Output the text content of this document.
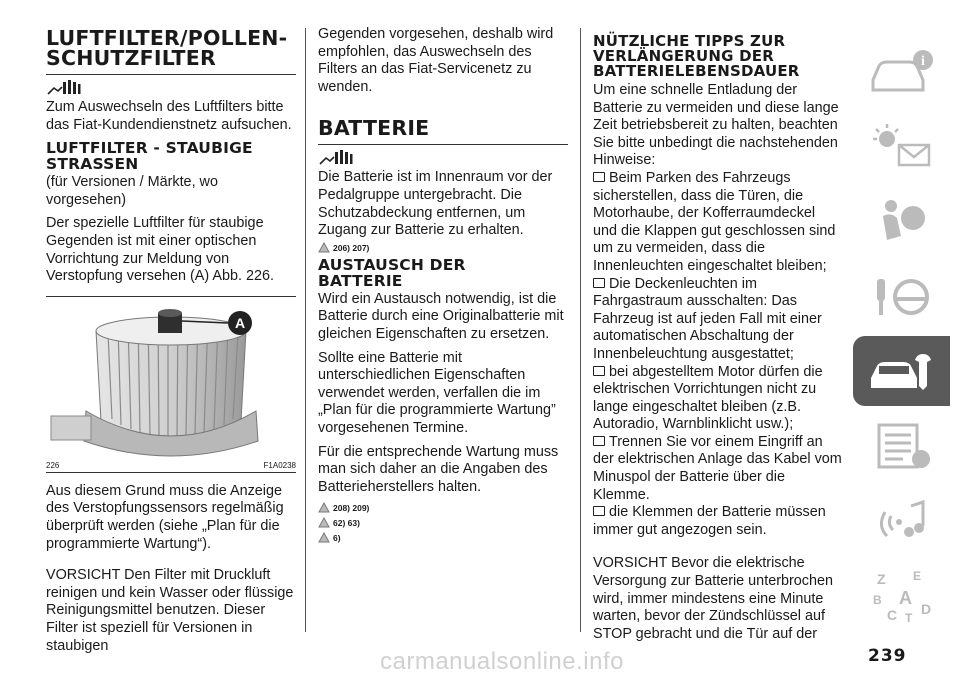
LUFTFILTER/POLLEN-
SCHUTZFILTER

Zum Auswechseln des Luftfilters bitte das Fiat-Kundendienstnetz aufsuchen.

LUFTFILTER - STAUBIGE
STRASSEN

(für Versionen / Märkte, wo vorgesehen)

Der spezielle Luftfilter für staubige Gegenden ist mit einer optischen Vorrichtung zur Meldung von Verstopfung versehen (A) Abb. 226.

A
226	F1A0238

Aus diesem Grund muss die Anzeige des Verstopfungssensors regelmäßig überprüft werden (siehe „Plan für die programmierte Wartung“).

VORSICHT Den Filter mit Druckluft reinigen und kein Wasser oder flüssige Reinigungsmittel benutzen. Dieser Filter ist speziell für Versionen in staubigen

Gegenden vorgesehen, deshalb wird empfohlen, das Auswechseln des Filters an das Fiat-Servicenetz zu wenden.

BATTERIE

Die Batterie ist im Innenraum vor der Pedalgruppe untergebracht. Die Schutzabdeckung entfernen, um Zugang zur Batterie zu erhalten.

206) 207)
AUSTAUSCH DER
BATTERIE

Wird ein Austausch notwendig, ist die Batterie durch eine Originalbatterie mit gleichen Eigenschaften zu ersetzen.

Sollte eine Batterie mit unterschiedlichen Eigenschaften verwendet werden, verfallen die im „Plan für die programmierte Wartung” vorgesehenen Termine.

Für die entsprechende Wartung muss man sich daher an die Angaben des Batterieherstellers halten.

208) 209)
62) 63)
6)
NÜTZLICHE TIPPS ZUR
VERLÄNGERUNG DER
BATTERIELEBENSDAUER

Um eine schnelle Entladung der Batterie zu vermeiden und diese lange Zeit betriebsbereit zu halten, beachten Sie bitte unbedingt die nachstehenden Hinweise:

Beim Parken des Fahrzeugs sicherstellen, dass die Türen, die Motorhaube, der Kofferraumdeckel und die Klappen gut geschlossen sind um zu vermeiden, dass die Innenleuchten eingeschaltet bleiben;

Die Deckenleuchten im Fahrgastraum ausschalten: Das Fahrzeug ist auf jeden Fall mit einer automatischen Abschaltung der Innenbeleuchtung ausgestattet;

bei abgestelltem Motor dürfen die elektrischen Vorrichtungen nicht zu lange eingeschaltet bleiben (z.B. Autoradio, Warnblinklicht usw.);

Trennen Sie vor einem Eingriff an der elektrischen Anlage das Kabel vom Minuspol der Batterie über die Klemme.

die Klemmen der Batterie müssen immer gut angezogen sein.

VORSICHT Bevor die elektrische Versorgung zur Batterie unterbrochen wird, immer mindestens eine Minute warten, bevor der Zündschlüssel auf STOP gebracht und die Tür auf der

i
Z E
B A
C T
D
carmanualsonline.info	239
